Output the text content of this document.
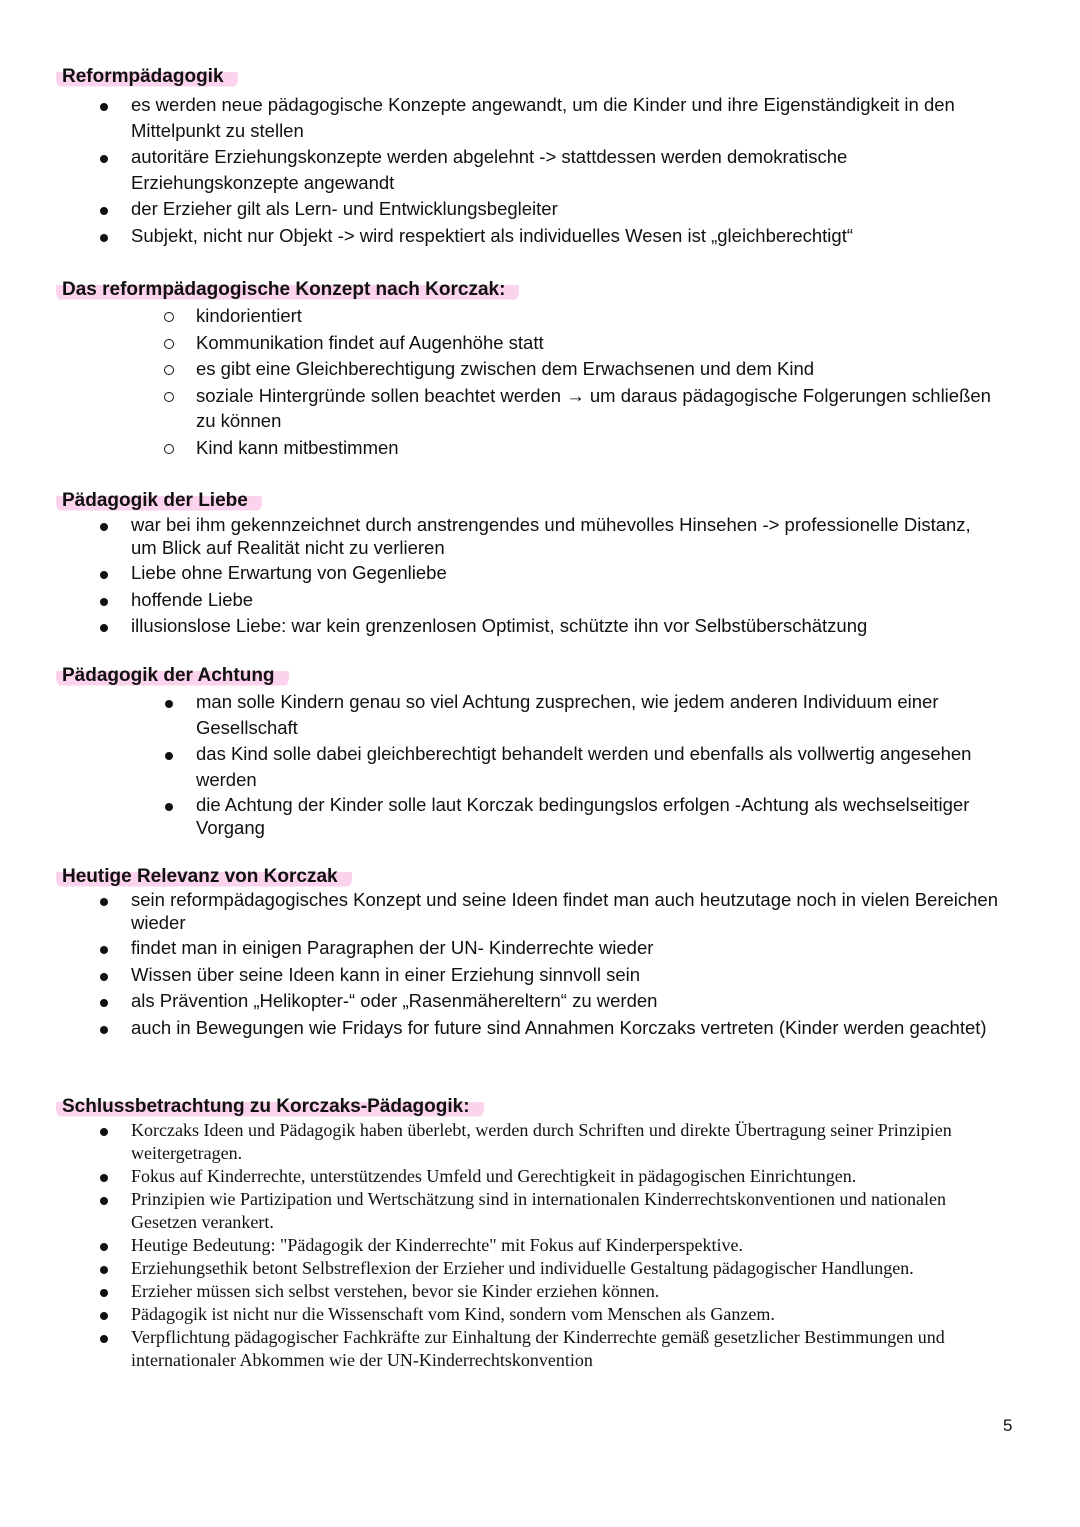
Reformpädagogik
es werden neue pädagogische Konzepte angewandt, um die Kinder und ihre Eigenständigkeit in den Mittelpunkt zu stellen
autoritäre Erziehungskonzepte werden abgelehnt -> stattdessen werden demokratische Erziehungskonzepte angewandt
der Erzieher gilt als Lern- und Entwicklungsbegleiter
Subjekt, nicht nur Objekt -> wird respektiert als individuelles Wesen ist „gleichberechtigt“
Das reformpädagogische Konzept nach Korczak:
kindorientiert
Kommunikation findet auf Augenhöhe statt
es gibt eine Gleichberechtigung zwischen dem Erwachsenen und dem Kind
soziale Hintergründe sollen beachtet werden → um daraus pädagogische Folgerungen schließen zu können
Kind kann mitbestimmen
Pädagogik der Liebe
war bei ihm gekennzeichnet durch anstrengendes und mühevolles Hinsehen -> professionelle Distanz, um Blick auf Realität nicht zu verlieren
Liebe ohne Erwartung von Gegenliebe
hoffende Liebe
illusionslose Liebe: war kein grenzenlosen Optimist, schützte ihn vor Selbstüberschätzung
Pädagogik der Achtung
man solle Kindern genau so viel Achtung zusprechen, wie jedem anderen Individuum einer Gesellschaft
das Kind solle dabei gleichberechtigt behandelt werden und ebenfalls als vollwertig angesehen werden
die Achtung der Kinder solle laut Korczak bedingungslos erfolgen -Achtung als wechselseitiger Vorgang
Heutige Relevanz von Korczak
sein reformpädagogisches Konzept und seine Ideen findet man auch heutzutage noch in vielen Bereichen wieder
findet man in einigen Paragraphen der UN- Kinderrechte wieder
Wissen über seine Ideen kann in einer Erziehung sinnvoll sein
als Prävention „Helikopter-“ oder „Rasenmähereltern“ zu werden
auch in Bewegungen wie Fridays for future sind Annahmen Korczaks vertreten (Kinder werden geachtet)
Schlussbetrachtung zu Korczaks-Pädagogik:
Korczaks Ideen und Pädagogik haben überlebt, werden durch Schriften und direkte Übertragung seiner Prinzipien weitergetragen.
Fokus auf Kinderrechte, unterstützendes Umfeld und Gerechtigkeit in pädagogischen Einrichtungen.
Prinzipien wie Partizipation und Wertschätzung sind in internationalen Kinderrechtskonventionen und nationalen Gesetzen verankert.
Heutige Bedeutung: "Pädagogik der Kinderrechte" mit Fokus auf Kinderperspektive.
Erziehungsethik betont Selbstreflexion der Erzieher und individuelle Gestaltung pädagogischer Handlungen.
Erzieher müssen sich selbst verstehen, bevor sie Kinder erziehen können.
Pädagogik ist nicht nur die Wissenschaft vom Kind, sondern vom Menschen als Ganzem.
Verpflichtung pädagogischer Fachkräfte zur Einhaltung der Kinderrechte gemäß gesetzlicher Bestimmungen und internationaler Abkommen wie der UN-Kinderrechtskonvention
5
